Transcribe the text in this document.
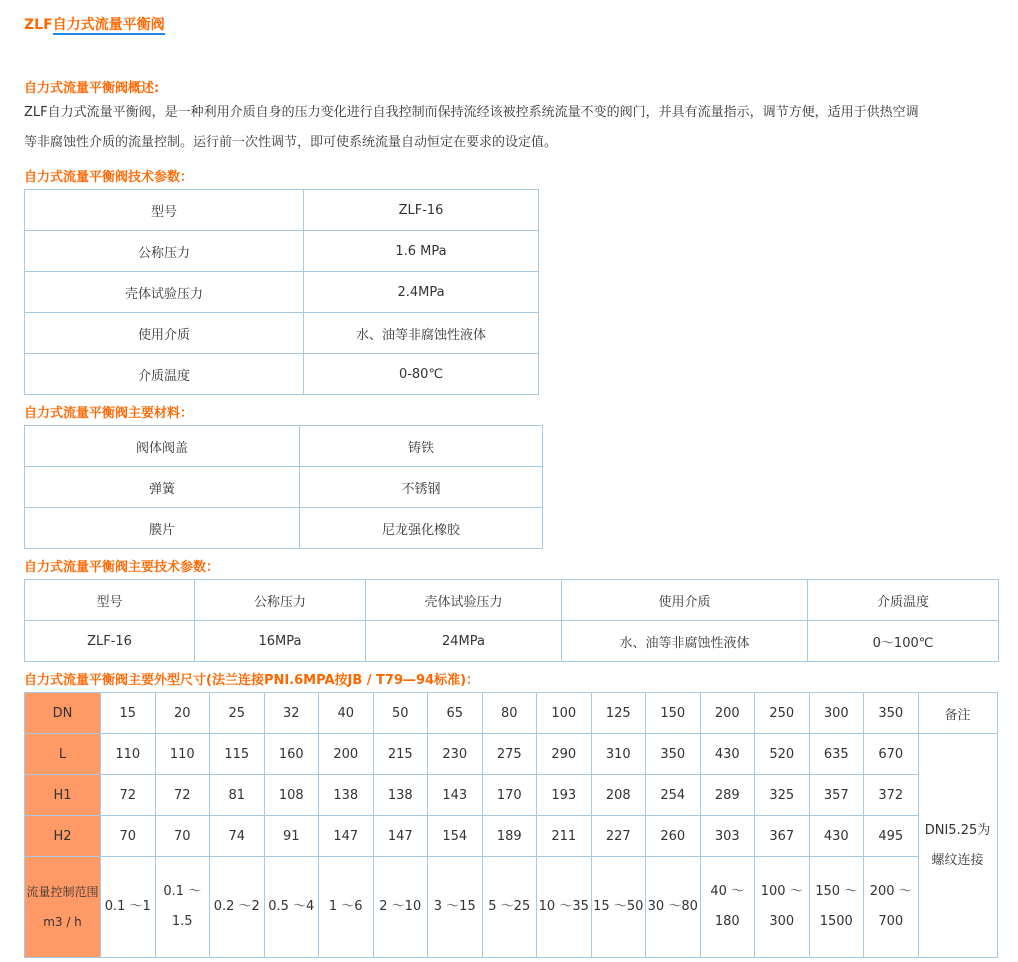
ZLF自力式流量平衡阀
自力式流量平衡阀概述:

ZLF自力式流量平衡阀，是一种利用介质自身的压力变化进行自我控制而保持流经该被控系统流量不变的阀门，并具有流量指示，调节方便，适用于供热空调

等非腐蚀性介质的流量控制。运行前一次性调节，即可使系统流量自动恒定在要求的设定值。

自力式流量平衡阀技术参数：
型号	ZLF-16
公称压力	1.6 MPa
壳体试验压力	2.4MPa
使用介质	水、油等非腐蚀性液体
介质温度	0-80℃
自力式流量平衡阀主要材料：
阀体阀盖	铸铁
弹簧	不锈钢
膜片	尼龙强化橡胶
自力式流量平衡阀主要技术参数：
型号	公称压力	壳体试验压力	使用介质	介质温度
ZLF-16	16MPa	24MPa	水、油等非腐蚀性液体	0～100℃
自力式流量平衡阀主要外型尺寸(法兰连接PNI.6MPA按JB / T79—94标准)：
DN	15	20	25	32	40	50	65	80	100	125	150	200	250	300	350	备注
L	110	110	115	160	200	215	230	275	290	310	350	430	520	635	670	DNI5.25为螺纹连接
H1	72	72	81	108	138	138	143	170	193	208	254	289	325	357	372	
H2	70	70	74	91	147	147	154	189	211	227	260	303	367	430	495	
流量控制范围m3 / h	0.1 ～1	0.1 ～1.5	0.2 ～2	0.5 ～4	1 ～6	2 ～10	3 ～15	5 ～25	10 ～35	15 ～50	30 ～80	40 ～180	100 ～300	150 ～ 1500	200 ～700	
